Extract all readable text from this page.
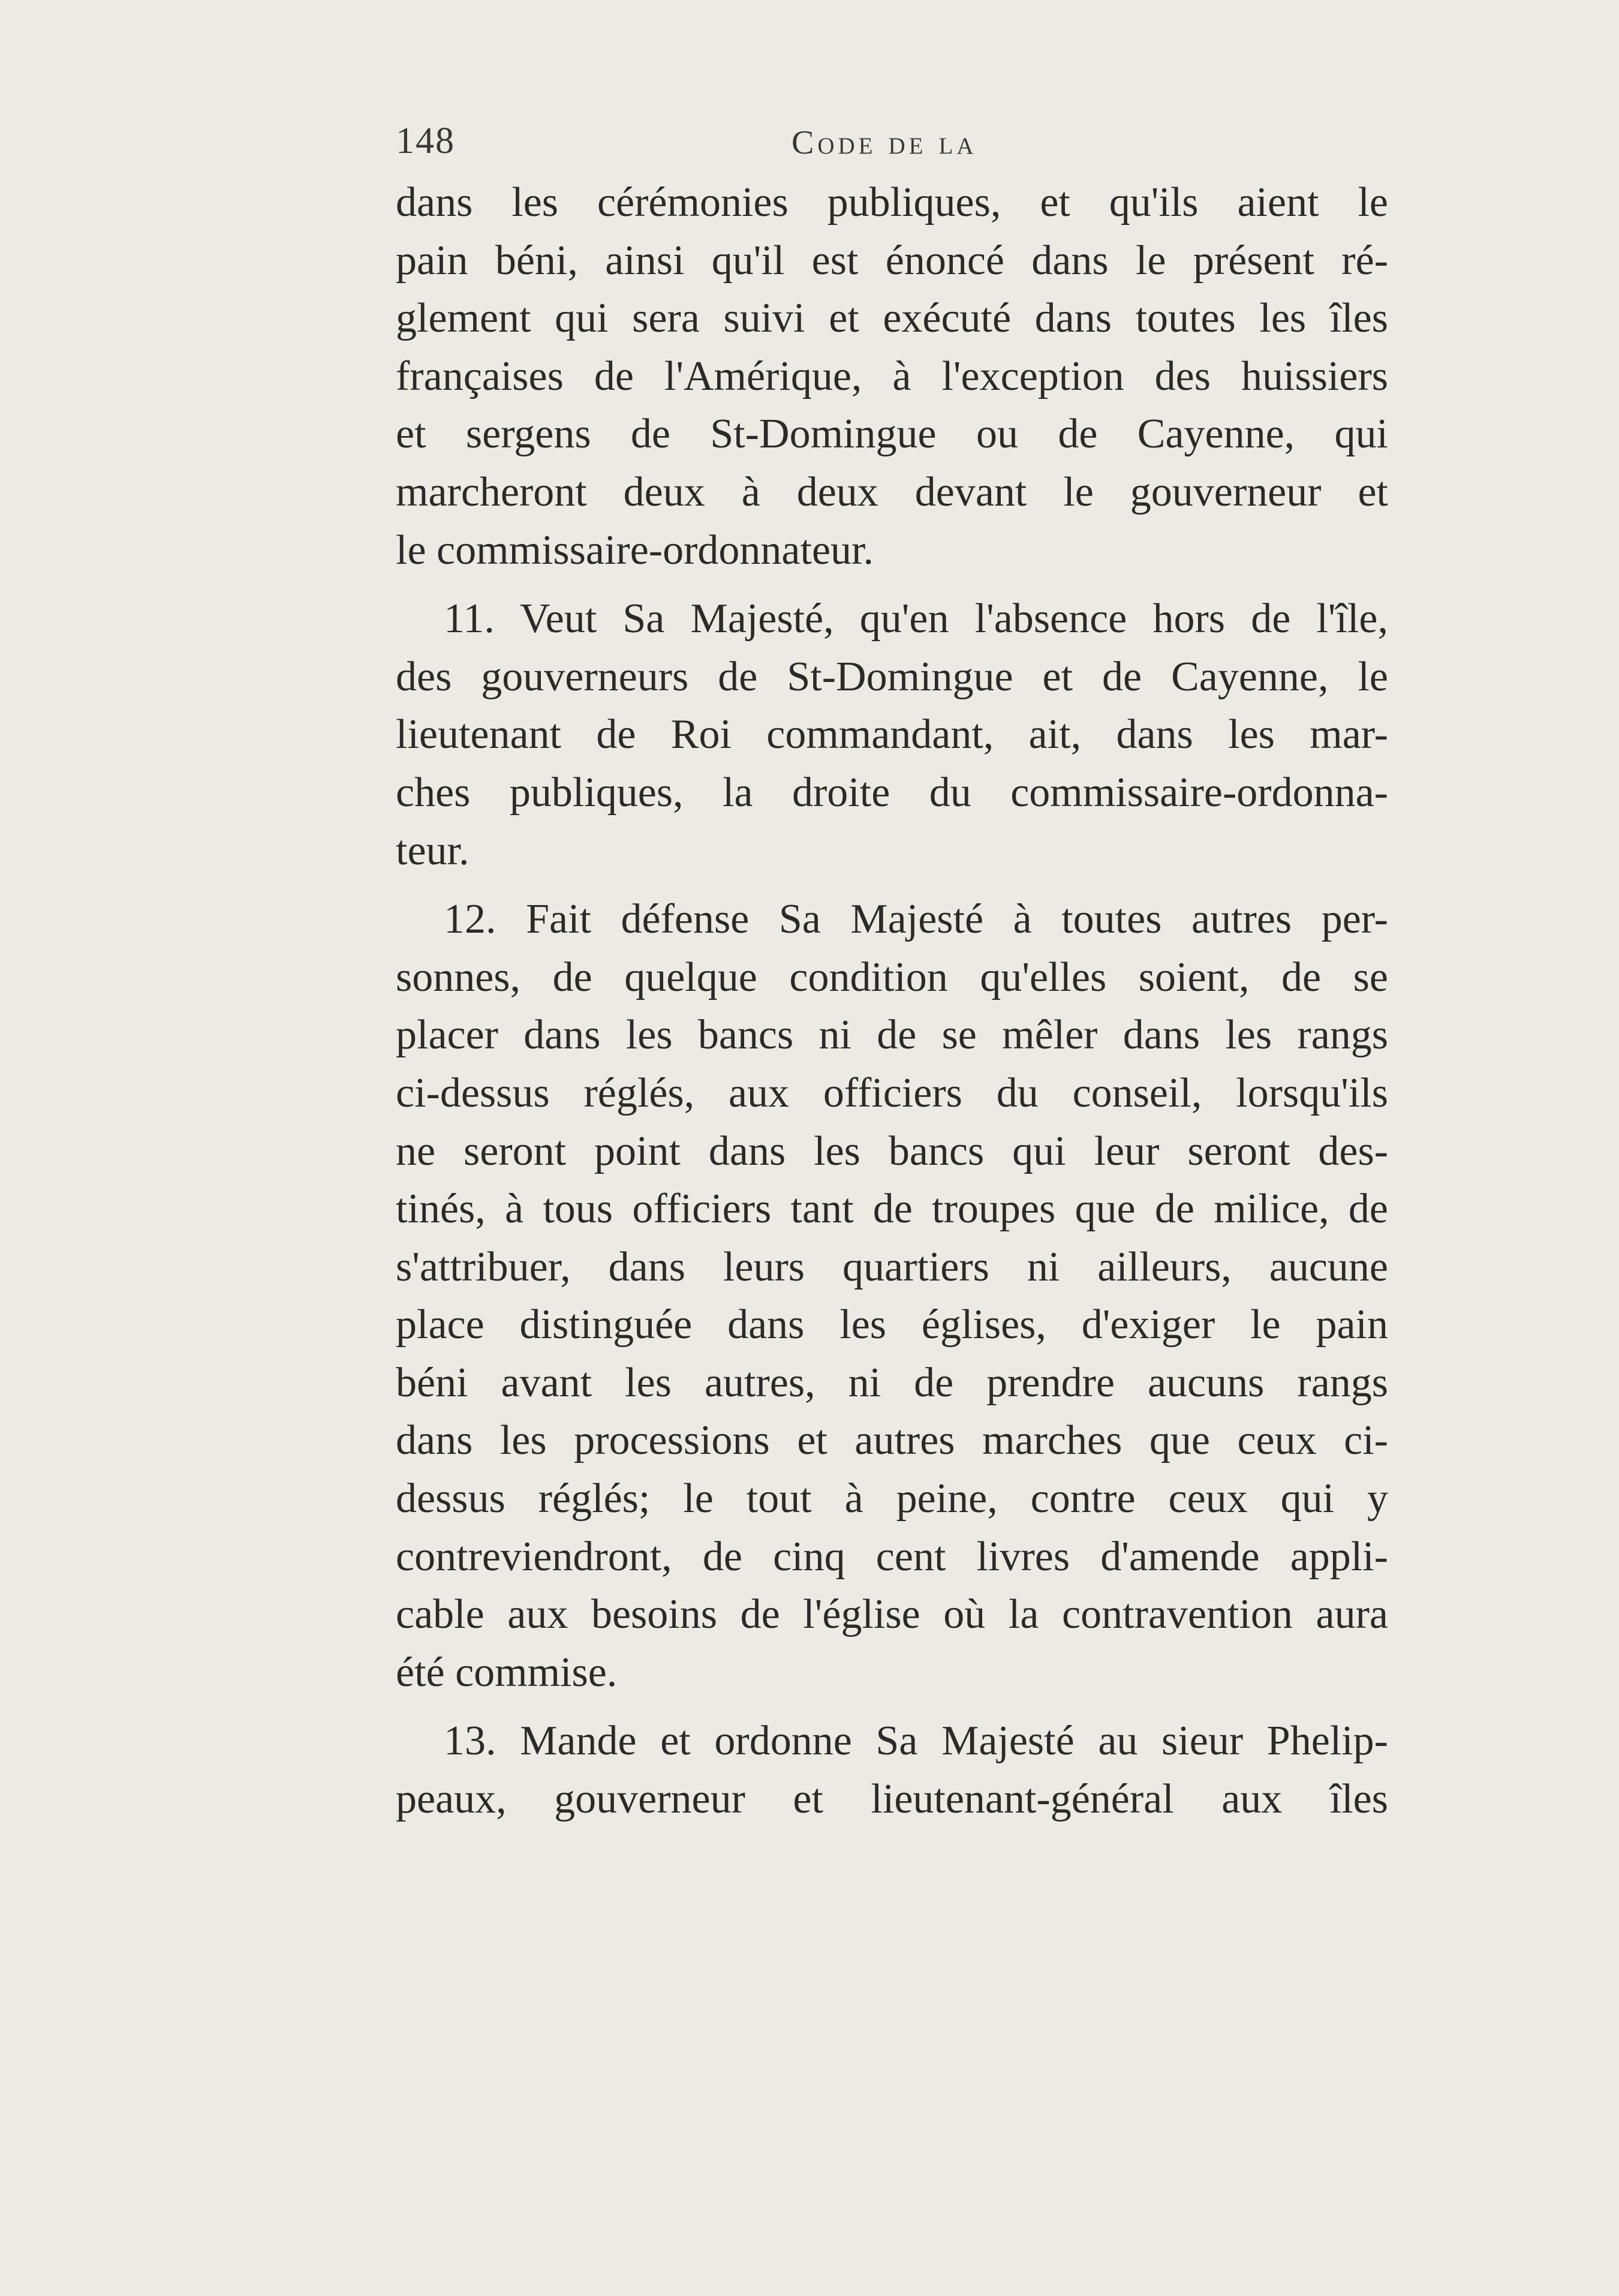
148	Code de la
dans les cérémonies publiques, et qu'ils aient le
pain béni, ainsi qu'il est énoncé dans le présent ré-
glement qui sera suivi et exécuté dans toutes les îles
françaises de l'Amérique, à l'exception des huissiers
et sergens de St-Domingue ou de Cayenne, qui
marcheront deux à deux devant le gouverneur et
le commissaire-ordonnateur.
11. Veut Sa Majesté, qu'en l'absence hors de l'île,
des gouverneurs de St-Domingue et de Cayenne, le
lieutenant de Roi commandant, ait, dans les mar-
ches publiques, la droite du commissaire-ordonna-
teur.
12. Fait défense Sa Majesté à toutes autres per-
sonnes, de quelque condition qu'elles soient, de se
placer dans les bancs ni de se mêler dans les rangs
ci-dessus réglés, aux officiers du conseil, lorsqu'ils
ne seront point dans les bancs qui leur seront des-
tinés, à tous officiers tant de troupes que de milice, de
s'attribuer, dans leurs quartiers ni ailleurs, aucune
place distinguée dans les églises, d'exiger le pain
béni avant les autres, ni de prendre aucuns rangs
dans les processions et autres marches que ceux ci-
dessus réglés; le tout à peine, contre ceux qui y
contreviendront, de cinq cent livres d'amende appli-
cable aux besoins de l'église où la contravention aura
été commise.
13. Mande et ordonne Sa Majesté au sieur Phelip-
peaux, gouverneur et lieutenant-général aux îles
